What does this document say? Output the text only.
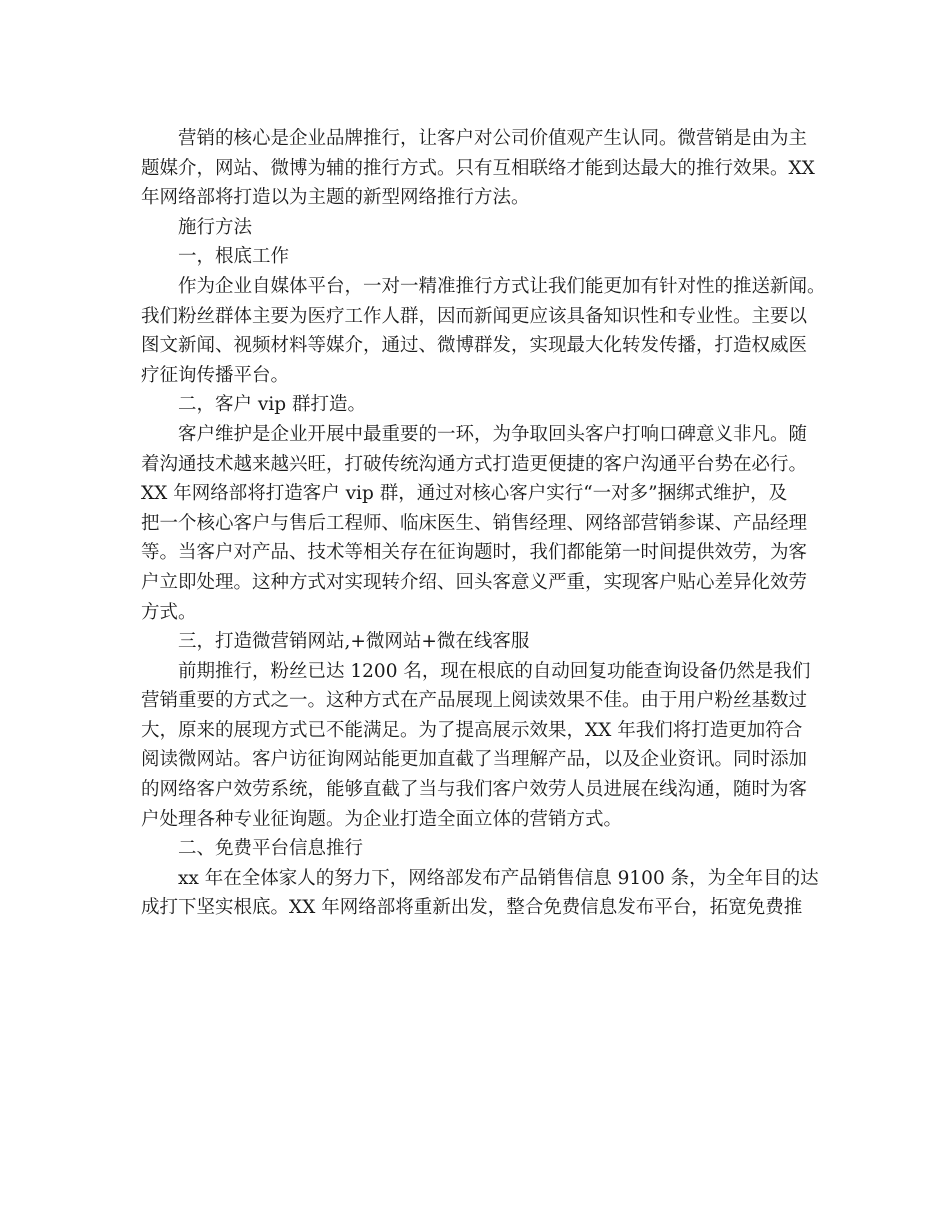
营销的核心是企业品牌推行，让客户对公司价值观产生认同。微营销是由为主

题媒介，网站、微博为辅的推行方式。只有互相联络才能到达最大的推行效果。XX

年网络部将打造以为主题的新型网络推行方法。

施行方法

一，根底工作

作为企业自媒体平台，一对一精准推行方式让我们能更加有针对性的推送新闻。

我们粉丝群体主要为医疗工作人群，因而新闻更应该具备知识性和专业性。主要以

图文新闻、视频材料等媒介，通过、微博群发，实现最大化转发传播，打造权威医

疗征询传播平台。

二，客户 vip 群打造。

客户维护是企业开展中最重要的一环，为争取回头客户打响口碑意义非凡。随

着沟通技术越来越兴旺，打破传统沟通方式打造更便捷的客户沟通平台势在必行。

XX 年网络部将打造客户 vip 群，通过对核心客户实行“一对多”捆绑式维护，及

把一个核心客户与售后工程师、临床医生、销售经理、网络部营销参谋、产品经理

等。当客户对产品、技术等相关存在征询题时，我们都能第一时间提供效劳，为客

户立即处理。这种方式对实现转介绍、回头客意义严重，实现客户贴心差异化效劳

方式。

三，打造微营销网站,+微网站+微在线客服

前期推行，粉丝已达 1200 名，现在根底的自动回复功能查询设备仍然是我们

营销重要的方式之一。这种方式在产品展现上阅读效果不佳。由于用户粉丝基数过

大，原来的展现方式已不能满足。为了提高展示效果，XX 年我们将打造更加符合

阅读微网站。客户访征询网站能更加直截了当理解产品，以及企业资讯。同时添加

的网络客户效劳系统，能够直截了当与我们客户效劳人员进展在线沟通，随时为客

户处理各种专业征询题。为企业打造全面立体的营销方式。

二、免费平台信息推行

xx 年在全体家人的努力下，网络部发布产品销售信息 9100 条，为全年目的达

成打下坚实根底。XX 年网络部将重新出发，整合免费信息发布平台，拓宽免费推
